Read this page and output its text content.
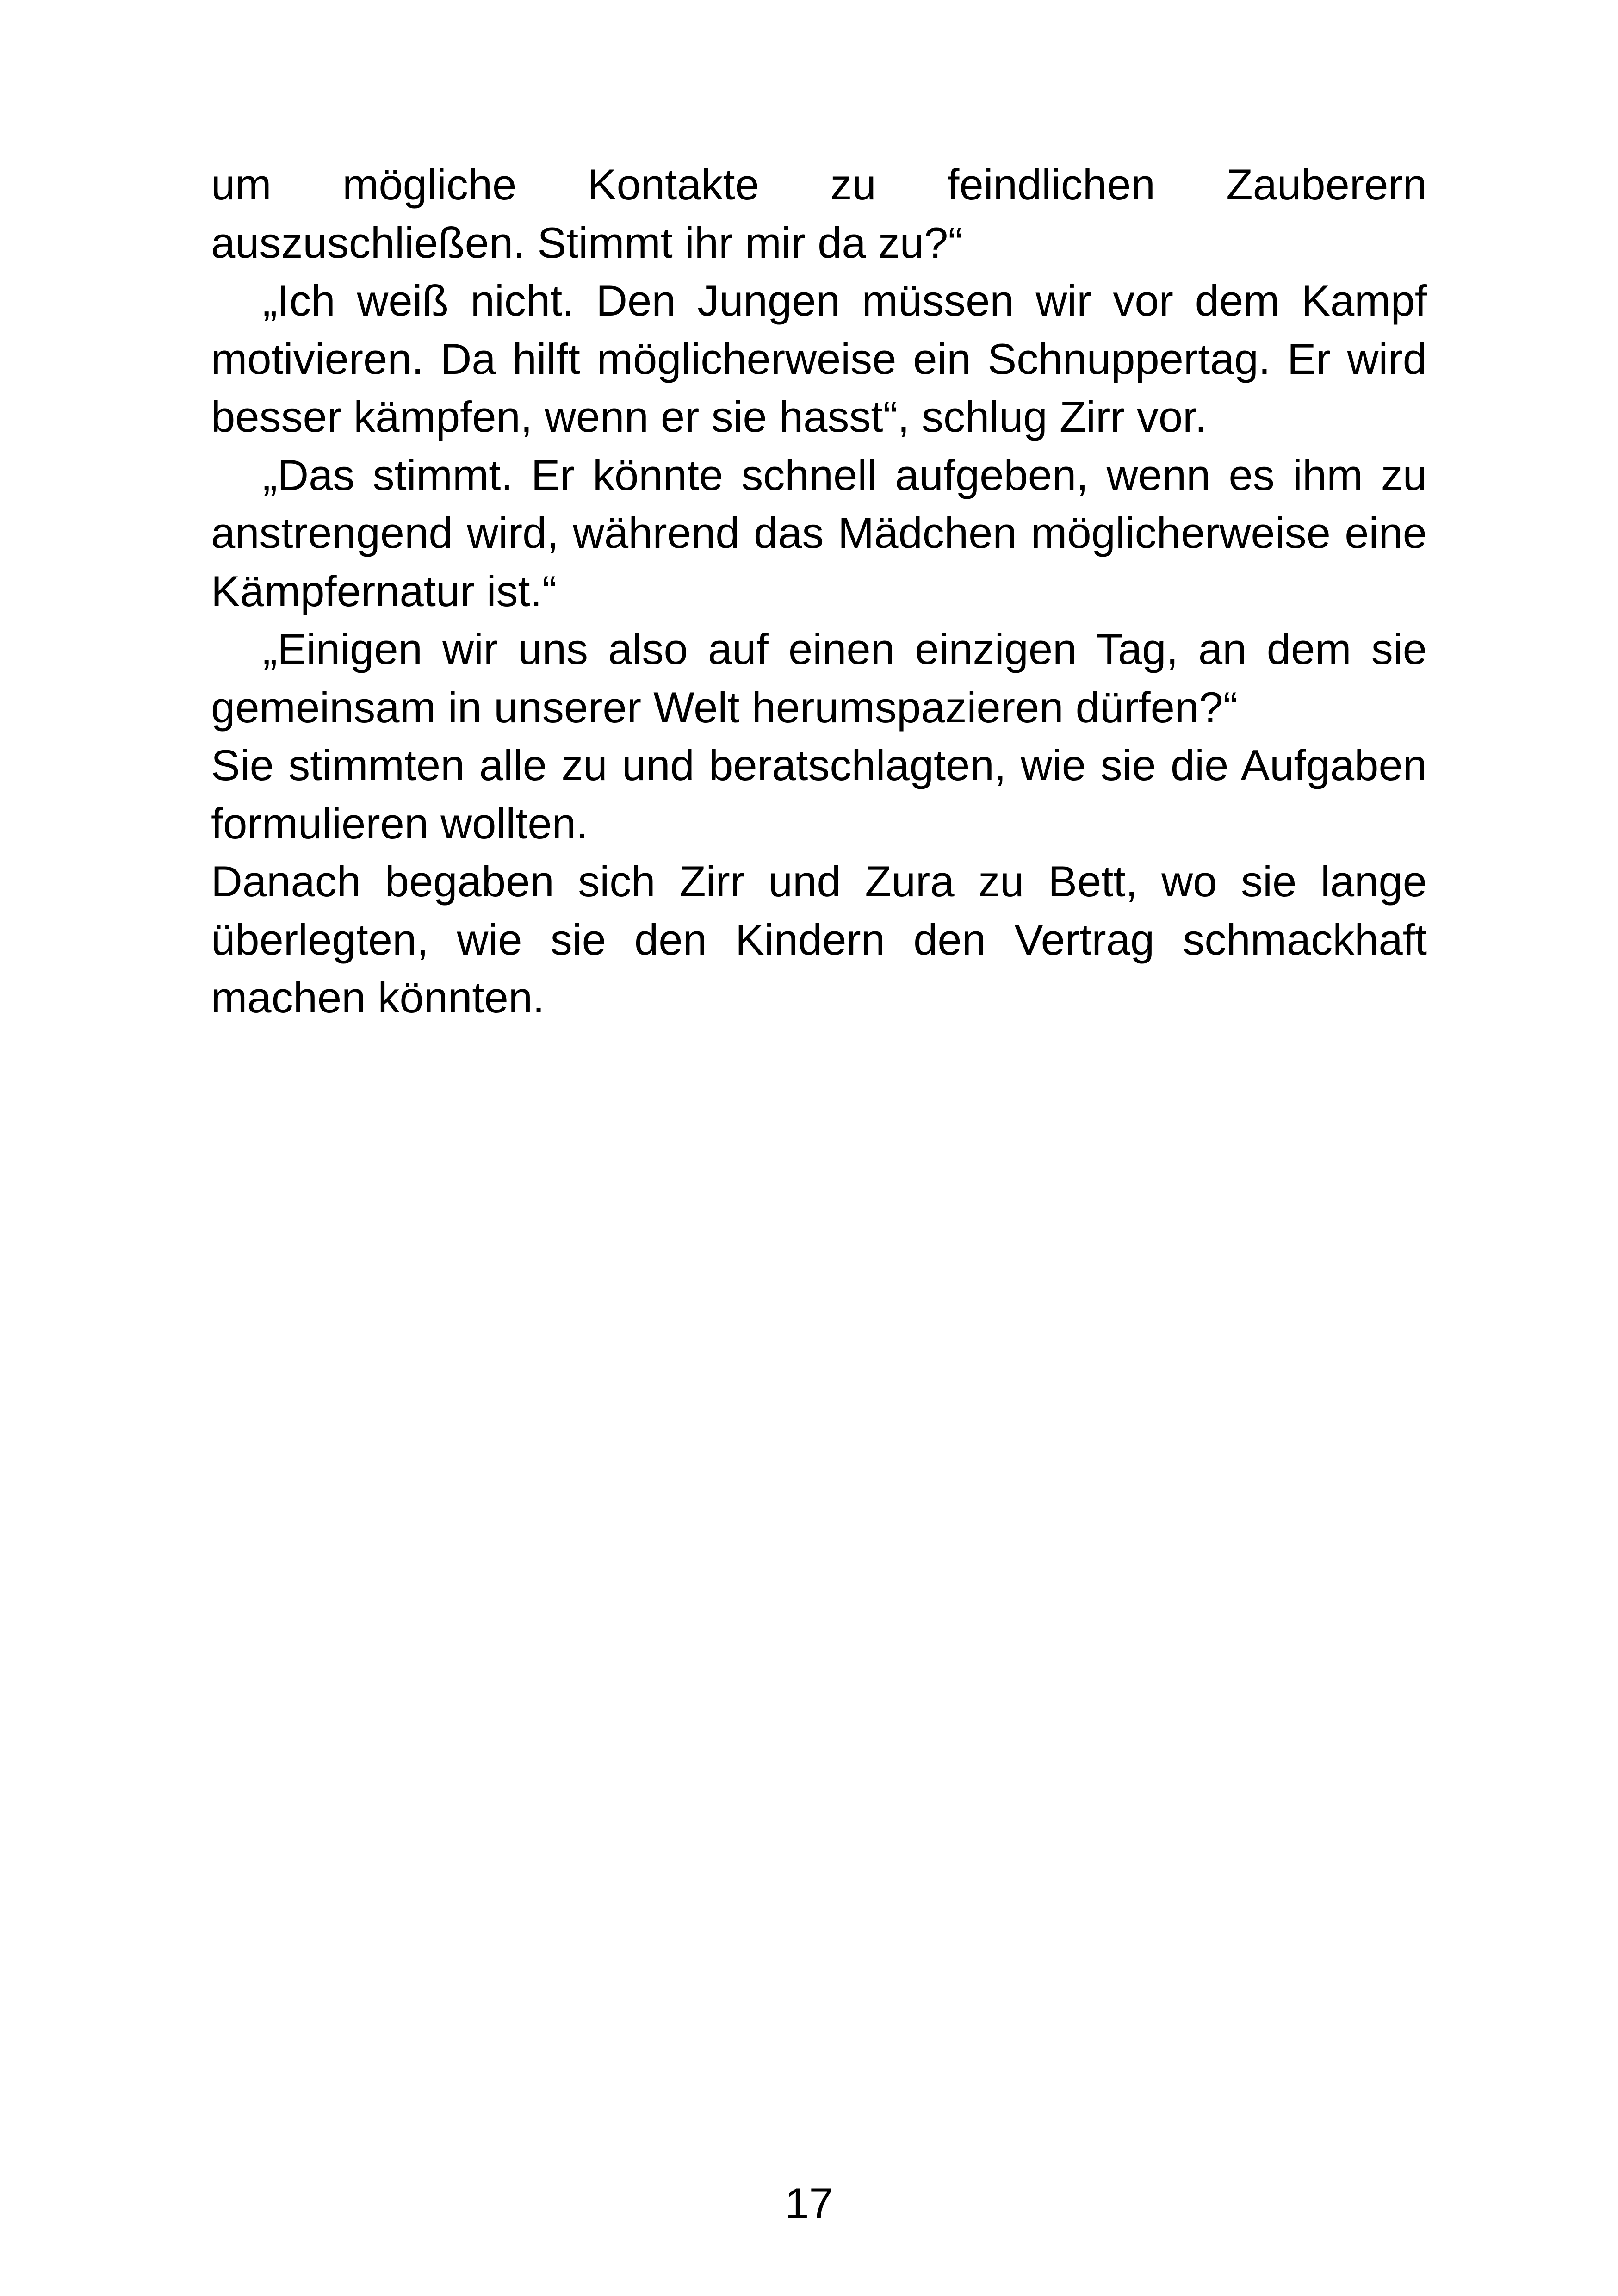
um mögliche Kontakte zu feindlichen Zauberern auszuschließen. Stimmt ihr mir da zu?“

„Ich weiß nicht. Den Jungen müssen wir vor dem Kampf motivieren. Da hilft möglicherweise ein Schnuppertag. Er wird besser kämpfen, wenn er sie hasst“, schlug Zirr vor.

„Das stimmt. Er könnte schnell aufgeben, wenn es ihm zu anstrengend wird, während das Mädchen möglicherweise eine Kämpfernatur ist.“

„Einigen wir uns also auf einen einzigen Tag, an dem sie gemeinsam in unserer Welt herumspazieren dürfen?“

Sie stimmten alle zu und beratschlagten, wie sie die Aufgaben formulieren wollten.

Danach begaben sich Zirr und Zura zu Bett, wo sie lange überlegten, wie sie den Kindern den Vertrag schmackhaft machen könnten.

17
